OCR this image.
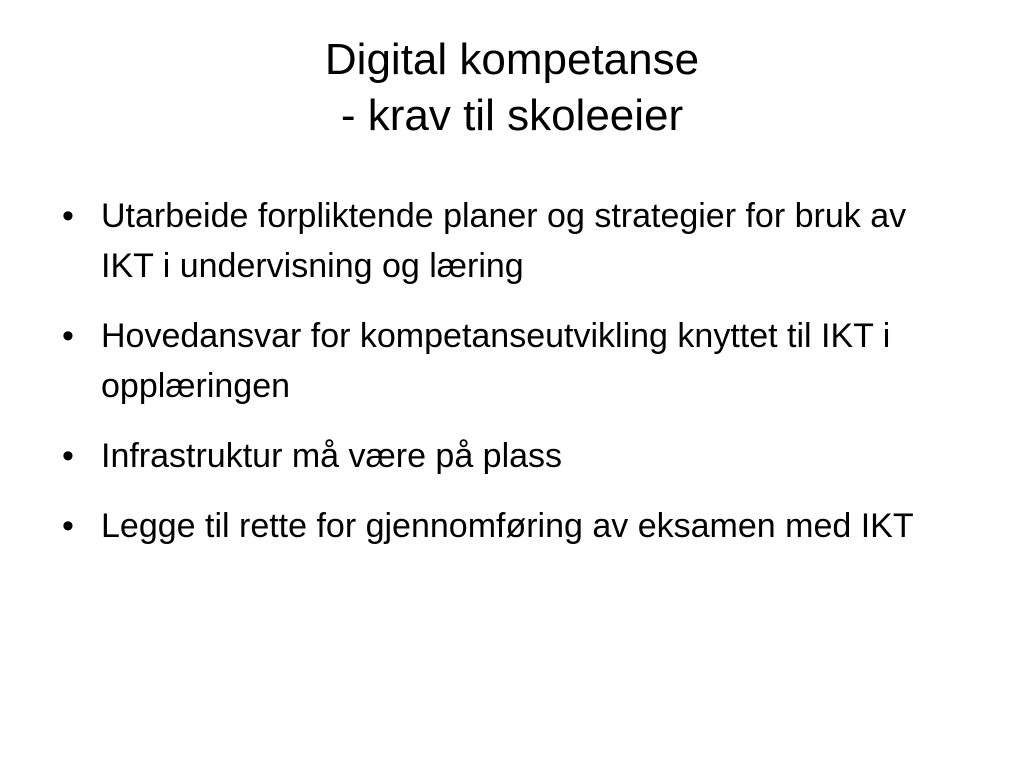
Digital kompetanse
- krav til skoleeier
• Utarbeide forpliktende planer og strategier for bruk av IKT i undervisning og læring
• Hovedansvar for kompetanseutvikling knyttet til IKT i opplæringen
• Infrastruktur må være på plass
• Legge til rette for gjennomføring av eksamen med IKT
